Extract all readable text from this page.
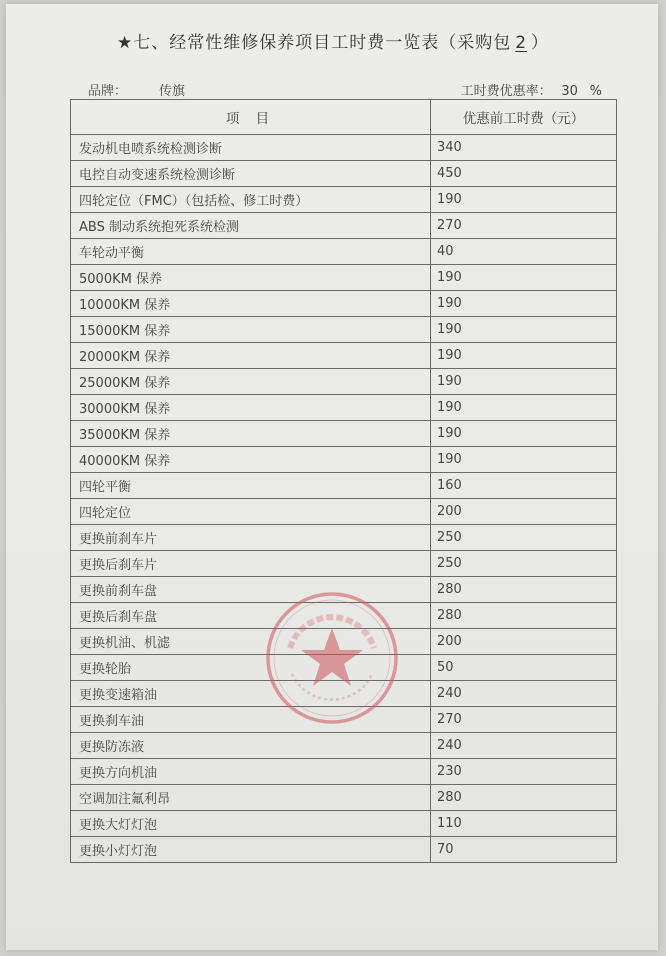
★七、经常性维修保养项目工时费一览表（采购包 2 ）
品牌： 传旗	工时费优惠率： 30 %
项 目	优惠前工时费（元）
发动机电喷系统检测诊断	340
电控自动变速系统检测诊断	450
四轮定位（FMC）（包括检、修工时费）	190
ABS 制动系统抱死系统检测	270
车轮动平衡	40
5000KM 保养	190
10000KM 保养	190
15000KM 保养	190
20000KM 保养	190
25000KM 保养	190
30000KM 保养	190
35000KM 保养	190
40000KM 保养	190
四轮平衡	160
四轮定位	200
更换前刹车片	250
更换后刹车片	250
更换前刹车盘	280
更换后刹车盘	280
更换机油、机滤	200
更换轮胎	50
更换变速箱油	240
更换刹车油	270
更换防冻液	240
更换方向机油	230
空调加注氟利昂	280
更换大灯灯泡	110
更换小灯灯泡	70
